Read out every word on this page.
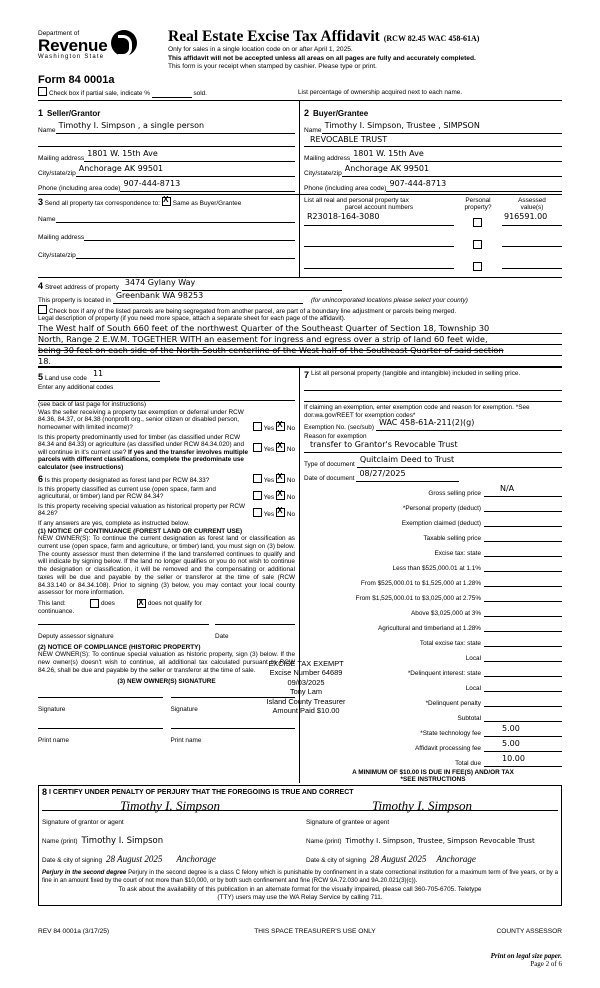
Department of
Revenue
Washington State
Real Estate Excise Tax Affidavit (RCW 82.45 WAC 458-61A)
Only for sales in a single location code on or after April 1, 2025.
This affidavit will not be accepted unless all areas on all pages are fully and accurately completed.
This form is your receipt when stamped by cashier. Please type or print.
Form 84 0001a
Check box if partial sale, indicate %	sold.	List percentage of ownership acquired next to each name.
1 Seller/Grantor
Name
Timothy I. Simpson , a single person
Mailing address
1801 W. 15th Ave
City/state/zip
Anchorage AK 99501
Phone (including area code)
907-444-8713
2 Buyer/Grantee
Name
Timothy I. Simpson, Trustee , SIMPSON
REVOCABLE TRUST
Mailing address
1801 W. 15th Ave
City/state/zip
Anchorage AK 99501
Phone (including area code)
907-444-8713
3 Send all property tax correspondence to: X Same as Buyer/Grantee
Name
Mailing address
City/state/zip
List all real and personal property tax
parcel account numbers
Personal
property?
Assessed
value(s)
R23018-164-3080	916591.00
4 Street address of property
3474 Gylany Way
This property is located in
Greenbank WA 98253
(for unincorporated locations please select your county)
Check box if any of the listed parcels are being segregated from another parcel, are part of a boundary line adjustment or parcels being merged.
Legal description of property (if you need more space, attach a separate sheet for each page of the affidavit).
The West half of South 660 feet of the northwest Quarter of the Southeast Quarter of Section 18, Township 30
North, Range 2 E.W.M. TOGETHER WITH an easement for ingress and egress over a strip of land 60 feet wide,
being 30 feet on each side of the North-South centerline of the West half of the Southeast Quarter of said section
18.
5 Land use code
11
Enter any additional codes
(see back of last page for instructions)
Was the seller receiving a property tax exemption or deferral under RCW 84.36, 84.37, or 84.38 (nonprofit org., senior citizen or disabled person, homeowner with limited income)?	Yes X No
Is this property predominantly used for timber (as classified under RCW 84.34 and 84.33) or agriculture (as classified under RCW 84.34.020) and will continue in it's current use? If yes and the transfer involves multiple parcels with different classifications, complete the predominate use calculator (see instructions)
Yes X No
6 Is this property designated as forest land per RCW 84.33?	Yes X No
Is this property classified as current use (open space, farm and agricultural, or timber) land per RCW 84.34?	Yes X No
Is this property receiving special valuation as historical property per RCW 84.26?	Yes X No
If any answers are yes, complete as instructed below.
(1) NOTICE OF CONTINUANCE (FOREST LAND OR CURRENT USE)
NEW OWNER(S): To continue the current designation as forest land or classification as current use (open space, farm and agriculture, or timber) land, you must sign on (3) below. The county assessor must then determine if the land transferred continues to qualify and will indicate by signing below. If the land no longer qualifies or you do not wish to continue the designation or classification, it will be removed and the compensating or additional taxes will be due and payable by the seller or transferor at the time of sale (RCW 84.33.140 or 84.34.108). Prior to signing (3) below, you may contact your local county assessor for more information.
This land:	does X	does not qualify for
continuance.
Deputy assessor signature	Date
(2) NOTICE OF COMPLIANCE (HISTORIC PROPERTY)
NEW OWNER(S): To continue special valuation as historic property, sign (3) below. If the new owner(s) doesn't wish to continue, all additional tax calculated pursuant to RCW 84.26, shall be due and payable by the seller or transferor at the time of sale.
(3) NEW OWNER(S) SIGNATURE
Signature	Signature
Print name	Print name
7 List all personal property (tangible and intangible) included in selling price.
If claiming an exemption, enter exemption code and reason for exemption. *See dor.wa.gov/REET for exemption codes*
Exemption No. (sec/sub)
WAC 458-61A-211(2)(g)
Reason for exemption
transfer to Grantor's Revocable Trust
Type of document
Quitclaim Deed to Trust
Date of document
08/27/2025
Gross selling price
N/A
*Personal property (deduct)
Exemption claimed (deduct)
Taxable selling price
Excise tax: state
Less than $525,000.01 at 1.1%
From $525,000.01 to $1,525,000 at 1.28%
From $1,525,000.01 to $3,025,000 at 2.75%
Above $3,025,000 at 3%
Agricultural and timberland at 1.28%
Total excise tax: state
Local
*Delinquent interest: state
Local
*Delinquent penalty
Subtotal
*State technology fee
5.00
Affidavit processing fee
5.00
Total due
10.00
A MINIMUM OF $10.00 IS DUE IN FEE(S) AND/OR TAX
*SEE INSTRUCTIONS
EXCISE TAX EXEMPT
Excise Number 64689
09/03/2025
Tony Lam
Island County Treasurer
Amount Paid $10.00
8 I CERTIFY UNDER PENALTY OF PERJURY THAT THE FOREGOING IS TRUE AND CORRECT
Signature of grantor or agent	Signature of grantee or agent
Timothy I. Simpson	Timothy I. Simpson
Name (print) Timothy I. Simpson	Name (print) Timothy I. Simpson, Trustee, Simpson Revocable Trust
Date & city of signing 28 August 2025 Anchorage	Date & city of signing 28 August 2025 Anchorage
Perjury in the second degree Perjury in the second degree is a class C felony which is punishable by confinement in a state correctional institution for a maximum term of five years, or by a fine in an amount fixed by the court of not more than $10,000, or by both such confinement and fine (RCW 9A.72.030 and 9A.20.021(3)(c)).
To ask about the availability of this publication in an alternate format for the visually impaired, please call 360-705-6705. Teletype
(TTY) users may use the WA Relay Service by calling 711.
REV 84 0001a (3/17/25)	THIS SPACE TREASURER'S USE ONLY	COUNTY ASSESSOR
Print on legal size paper.
Page 2 of 6
